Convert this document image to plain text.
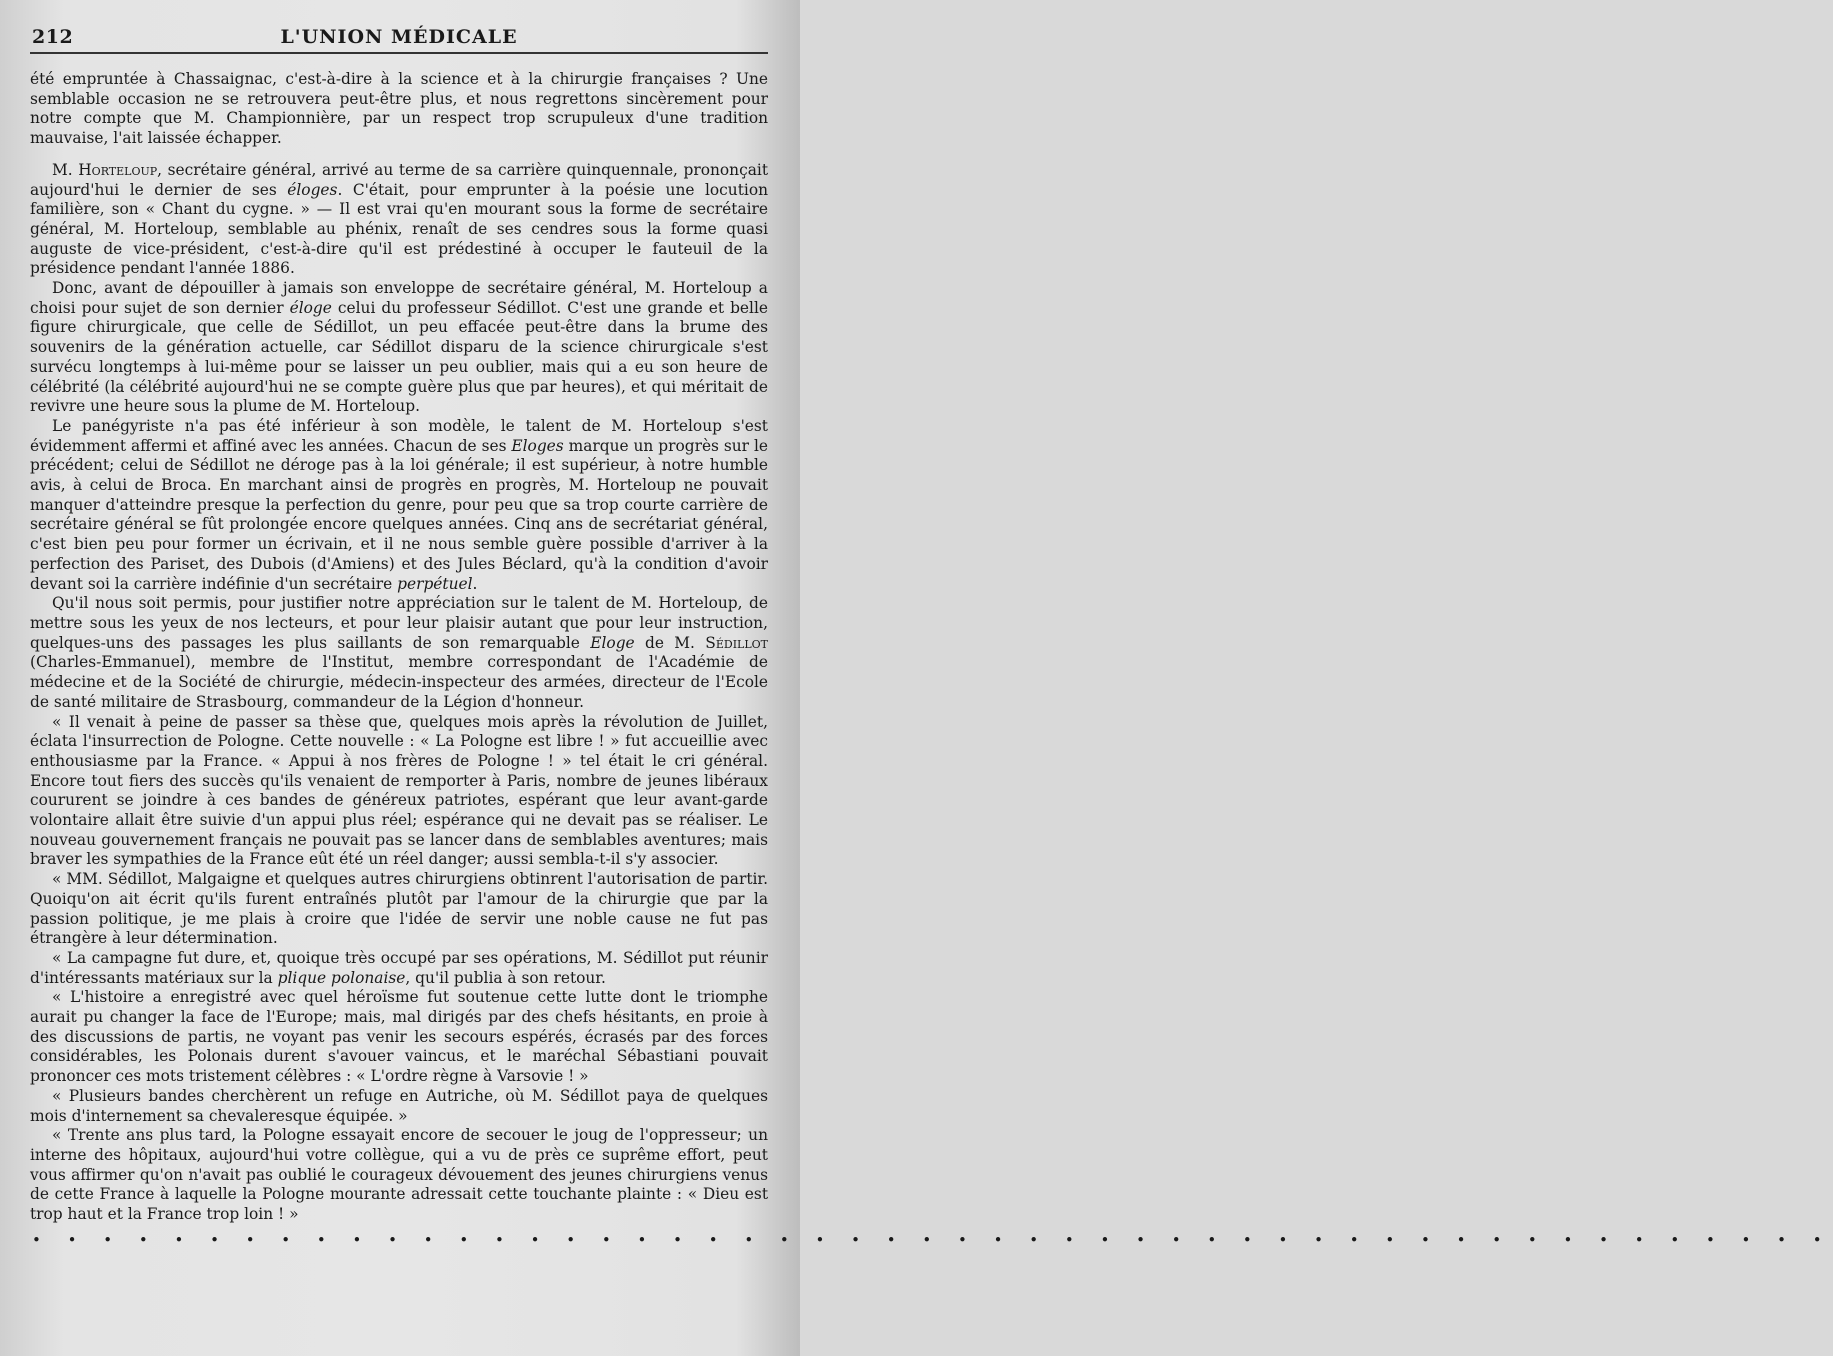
212	L'UNION MÉDICALE

été empruntée à Chassaignac, c'est-à-dire à la science et à la chirurgie françaises ? Une semblable occasion ne se retrouvera peut-être plus, et nous regrettons sincèrement pour notre compte que M. Championnière, par un respect trop scrupuleux d'une tradition mauvaise, l'ait laissée échapper.

M. Horteloup, secrétaire général, arrivé au terme de sa carrière quinquennale, prononçait aujourd'hui le dernier de ses éloges. C'était, pour emprunter à la poésie une locution familière, son « Chant du cygne. » — Il est vrai qu'en mourant sous la forme de secrétaire général, M. Horteloup, semblable au phénix, renaît de ses cendres sous la forme quasi auguste de vice-président, c'est-à-dire qu'il est prédestiné à occuper le fauteuil de la présidence pendant l'année 1886.

Donc, avant de dépouiller à jamais son enveloppe de secrétaire général, M. Horteloup a choisi pour sujet de son dernier éloge celui du professeur Sédillot. C'est une grande et belle figure chirurgicale, que celle de Sédillot, un peu effacée peut-être dans la brume des souvenirs de la génération actuelle, car Sédillot disparu de la science chirurgicale s'est survécu longtemps à lui-même pour se laisser un peu oublier, mais qui a eu son heure de célébrité (la célébrité aujourd'hui ne se compte guère plus que par heures), et qui méritait de revivre une heure sous la plume de M. Horteloup.

Le panégyriste n'a pas été inférieur à son modèle, le talent de M. Horteloup s'est évidemment affermi et affiné avec les années. Chacun de ses Eloges marque un progrès sur le précédent; celui de Sédillot ne déroge pas à la loi générale; il est supérieur, à notre humble avis, à celui de Broca. En marchant ainsi de progrès en progrès, M. Horteloup ne pouvait manquer d'atteindre presque la perfection du genre, pour peu que sa trop courte carrière de secrétaire général se fût prolongée encore quelques années. Cinq ans de secrétariat général, c'est bien peu pour former un écrivain, et il ne nous semble guère possible d'arriver à la perfection des Pariset, des Dubois (d'Amiens) et des Jules Béclard, qu'à la condition d'avoir devant soi la carrière indéfinie d'un secrétaire perpétuel.

Qu'il nous soit permis, pour justifier notre appréciation sur le talent de M. Horteloup, de mettre sous les yeux de nos lecteurs, et pour leur plaisir autant que pour leur instruction, quelques-uns des passages les plus saillants de son remarquable Eloge de M. Sédillot (Charles-Emmanuel), membre de l'Institut, membre correspondant de l'Académie de médecine et de la Société de chirurgie, médecin-inspecteur des armées, directeur de l'Ecole de santé militaire de Strasbourg, commandeur de la Légion d'honneur.

« Il venait à peine de passer sa thèse que, quelques mois après la révolution de Juillet, éclata l'insurrection de Pologne. Cette nouvelle : « La Pologne est libre ! » fut accueillie avec enthousiasme par la France. « Appui à nos frères de Pologne ! » tel était le cri général. Encore tout fiers des succès qu'ils venaient de remporter à Paris, nombre de jeunes libéraux coururent se joindre à ces bandes de généreux patriotes, espérant que leur avant-garde volontaire allait être suivie d'un appui plus réel; espérance qui ne devait pas se réaliser. Le nouveau gouvernement français ne pouvait pas se lancer dans de semblables aventures; mais braver les sympathies de la France eût été un réel danger; aussi sembla-t-il s'y associer.

« MM. Sédillot, Malgaigne et quelques autres chirurgiens obtinrent l'autorisation de partir. Quoiqu'on ait écrit qu'ils furent entraînés plutôt par l'amour de la chirurgie que par la passion politique, je me plais à croire que l'idée de servir une noble cause ne fut pas étrangère à leur détermination.

« La campagne fut dure, et, quoique très occupé par ses opérations, M. Sédillot put réunir d'intéressants matériaux sur la plique polonaise, qu'il publia à son retour.

« L'histoire a enregistré avec quel héroïsme fut soutenue cette lutte dont le triomphe aurait pu changer la face de l'Europe; mais, mal dirigés par des chefs hésitants, en proie à des discussions de partis, ne voyant pas venir les secours espérés, écrasés par des forces considérables, les Polonais durent s'avouer vaincus, et le maréchal Sébastiani pouvait prononcer ces mots tristement célèbres : « L'ordre règne à Varsovie ! »

« Plusieurs bandes cherchèrent un refuge en Autriche, où M. Sédillot paya de quelques mois d'internement sa chevaleresque équipée. »

« Trente ans plus tard, la Pologne essayait encore de secouer le joug de l'oppresseur; un interne des hôpitaux, aujourd'hui votre collègue, qui a vu de près ce suprême effort, peut vous affirmer qu'on n'avait pas oublié le courageux dévouement des jeunes chirurgiens venus de cette France à laquelle la Pologne mourante adressait cette touchante plainte : « Dieu est trop haut et la France trop loin ! »

• • • • • • • • • • • • • • • • • • • • • • • • • • • • • • • • • • • • • • • • • • • • • • • • • • •
